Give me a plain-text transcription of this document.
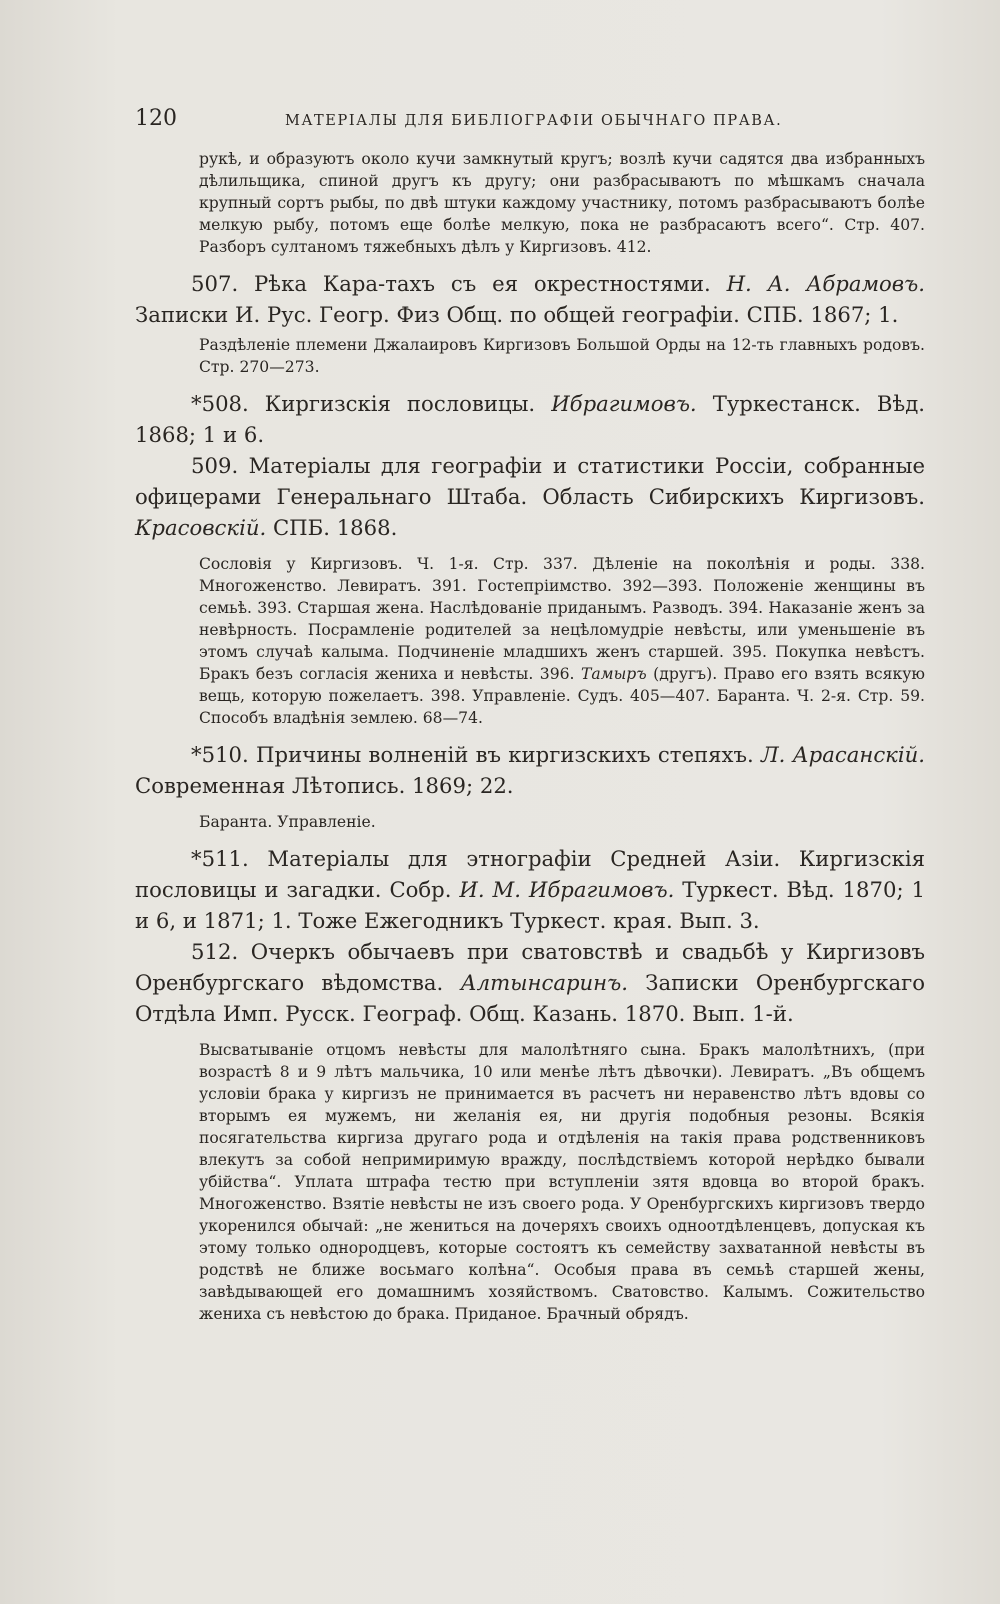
120	МАТЕРІАЛЫ ДЛЯ БИБЛІОГРАФІИ ОБЫЧНАГО ПРАВА.

рукѣ, и образуютъ около кучи замкнутый кругъ; возлѣ кучи садятся два избранныхъ дѣлильщика, спиной другъ къ другу; они разбрасываютъ по мѣшкамъ сначала крупный сортъ рыбы, по двѣ штуки каждому участнику, потомъ разбрасываютъ болѣе мелкую рыбу, потомъ еще болѣе мелкую, пока не разбрасаютъ всего“. Стр. 407. Разборъ султаномъ тяжебныхъ дѣлъ у Киргизовъ. 412.

507. Рѣка Кара-тахъ съ ея окрестностями. Н. А. Абрамовъ. Записки И. Рус. Геогр. Физ Общ. по общей географіи. СПБ. 1867; 1.

Раздѣленіе племени Джалаировъ Киргизовъ Большой Орды на 12-ть главныхъ родовъ. Стр. 270—273.

*508. Киргизскія пословицы. Ибрагимовъ. Туркестанск. Вѣд. 1868; 1 и 6.

509. Матеріалы для географіи и статистики Россіи, собранные офицерами Генеральнаго Штаба. Область Сибирскихъ Киргизовъ. Красовскій. СПБ. 1868.

Сословія у Киргизовъ. Ч. 1-я. Стр. 337. Дѣленіе на поколѣнія и роды. 338. Многоженство. Левиратъ. 391. Гостепріимство. 392—393. Положеніе женщины въ семьѣ. 393. Старшая жена. Наслѣдованіе приданымъ. Разводъ. 394. Наказаніе женъ за невѣрность. Посрамленіе родителей за нецѣломудріе невѣсты, или уменьшеніе въ этомъ случаѣ калыма. Подчиненіе младшихъ женъ старшей. 395. Покупка невѣстъ. Бракъ безъ согласія жениха и невѣсты. 396. Тамыръ (другъ). Право его взять всякую вещь, которую пожелаетъ. 398. Управленіе. Судъ. 405—407. Баранта. Ч. 2-я. Стр. 59. Способъ владѣнія землею. 68—74.

*510. Причины волненій въ киргизскихъ степяхъ. Л. Арасанскій. Современная Лѣтопись. 1869; 22.

Баранта. Управленіе.

*511. Матеріалы для этнографіи Средней Азіи. Киргизскія пословицы и загадки. Собр. И. М. Ибрагимовъ. Туркест. Вѣд. 1870; 1 и 6, и 1871; 1. Тоже Ежегодникъ Туркест. края. Вып. 3.

512. Очеркъ обычаевъ при сватовствѣ и свадьбѣ у Киргизовъ Оренбургскаго вѣдомства. Алтынсаринъ. Записки Оренбургскаго Отдѣла Имп. Русск. Географ. Общ. Казань. 1870. Вып. 1-й.

Высватываніе отцомъ невѣсты для малолѣтняго сына. Бракъ малолѣтнихъ, (при возрастѣ 8 и 9 лѣтъ мальчика, 10 или менѣе лѣтъ дѣвочки). Левиратъ. „Въ общемъ условіи брака у киргизъ не принимается въ расчетъ ни неравенство лѣтъ вдовы со вторымъ ея мужемъ, ни желанія ея, ни другія подобныя резоны. Всякія посягательства киргиза другаго рода и отдѣленія на такія права родственниковъ влекутъ за собой непримиримую вражду, послѣдствіемъ которой нерѣдко бывали убійства“. Уплата штрафа тестю при вступленіи зятя вдовца во второй бракъ. Многоженство. Взятіе невѣсты не изъ своего рода. У Оренбургскихъ киргизовъ твердо укоренился обычай: „не жениться на дочеряхъ своихъ одноотдѣленцевъ, допуская къ этому только однородцевъ, которые состоятъ къ семейству захватанной невѣсты въ родствѣ не ближе восьмаго колѣна“. Особыя права въ семьѣ старшей жены, завѣдывающей его домашнимъ хозяйствомъ. Сватовство. Калымъ. Сожительство жениха съ невѣстою до брака. Приданое. Брачный обрядъ.
